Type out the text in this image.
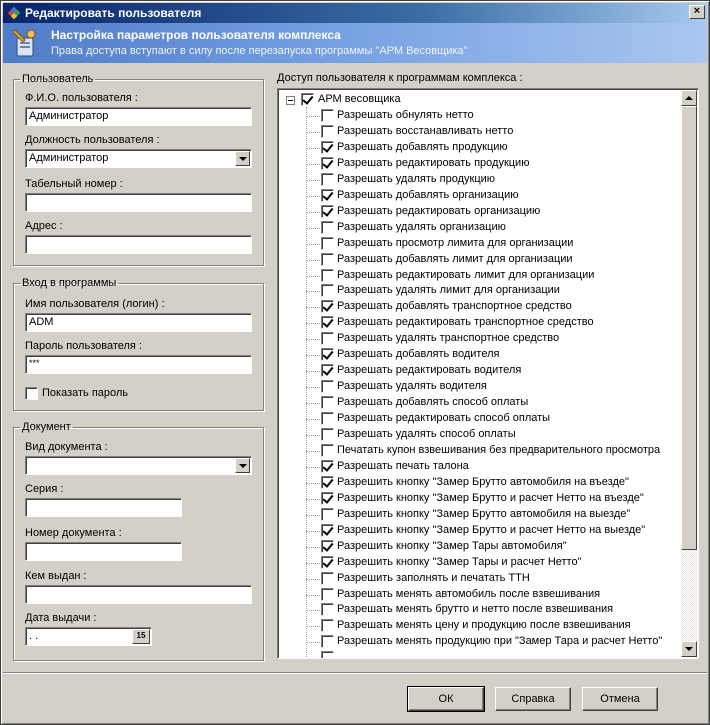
Редактировать пользователя	×
Настройка параметров пользователя комплекса
Права доступа вступают в силу после перезапуска программы "АРМ Весовщика"
Пользователь
Ф.И.О. пользователя :
Администратор
Должность пользователя :
Администратор
Табельный номер :
Адрес :
Вход в программы
Имя пользователя (логин) :
ADM
Пароль пользователя :
***
Показать пароль
Документ
Вид документа :
Серия :
Номер документа :
Кем выдан :
Дата выдачи :
. .	15
Доступ пользователя к программам комплекса :
АРМ весовщика
Разрешать обнулять нетто
Разрешать восстанавливать нетто
Разрешать добавлять продукцию
Разрешать редактировать продукцию
Разрешать удалять продукцию
Разрешать добавлять организацию
Разрешать редактировать организацию
Разрешать удалять организацию
Разрешать просмотр лимита для организации
Разрешать добавлять лимит для организации
Разрешать редактировать лимит для организации
Разрешать удалять лимит для организации
Разрешать добавлять транспортное средство
Разрешать редактировать транспортное средство
Разрешать удалять транспортное средство
Разрешать добавлять водителя
Разрешать редактировать водителя
Разрешать удалять водителя
Разрешать добавлять способ оплаты
Разрешать редактировать способ оплаты
Разрешать удалять способ оплаты
Печатать купон взвешивания без предварительного просмотра
Разрешать печать талона
Разрешить кнопку "Замер Брутто автомобиля на въезде"
Разрешить кнопку "Замер Брутто и расчет Нетто на въезде"
Разрешить кнопку "Замер Брутто автомобиля на выезде"
Разрешить кнопку "Замер Брутто и расчет Нетто на выезде"
Разрешить кнопку "Замер Тары автомобиля"
Разрешить кнопку "Замер Тары и расчет Нетто"
Разрешить заполнять и печатать ТТН
Разрешать менять автомобиль после взвешивания
Разрешать менять брутто и нетто после взвешивания
Разрешать менять цену и продукцию после взвешивания
Разрешать менять продукцию при "Замер Тара и расчет Нетто"
ОК	Справка	Отмена
